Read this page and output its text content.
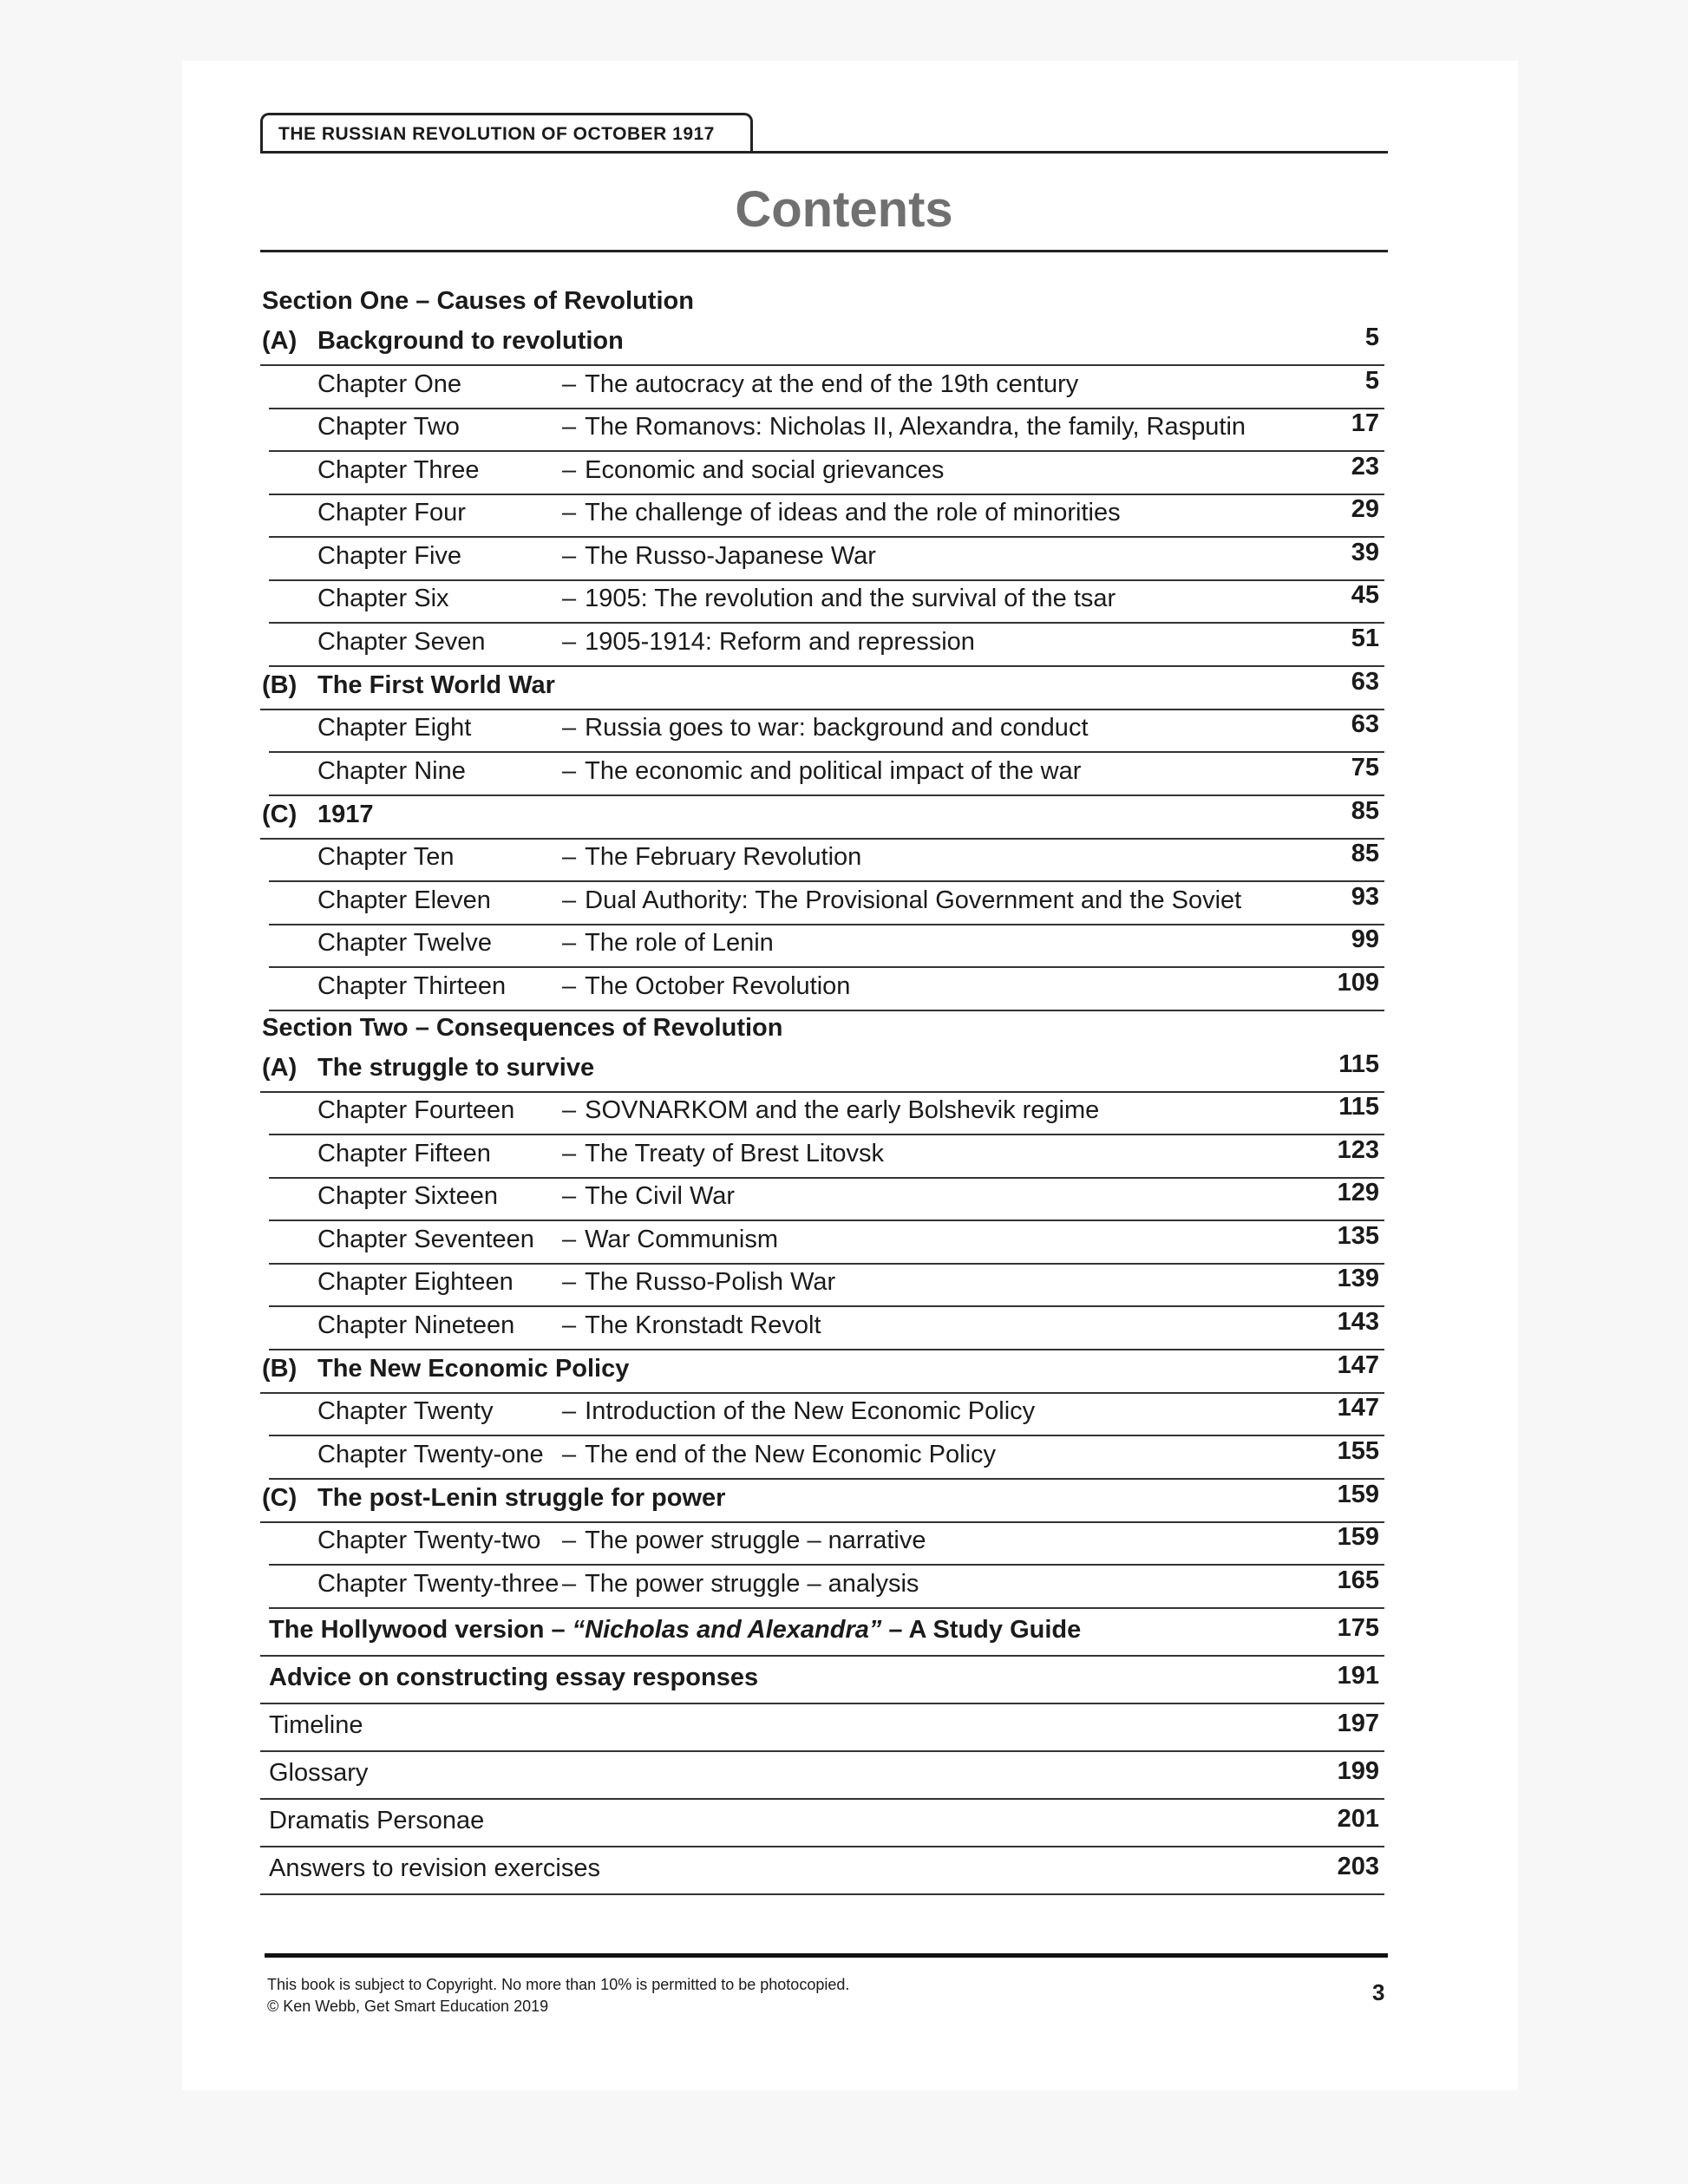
THE RUSSIAN REVOLUTION OF OCTOBER 1917
Contents
Section One – Causes of Revolution
(A) Background to revolution	5
Chapter One	– The autocracy at the end of the 19th century	5
Chapter Two	– The Romanovs: Nicholas II, Alexandra, the family, Rasputin	17
Chapter Three	– Economic and social grievances	23
Chapter Four	– The challenge of ideas and the role of minorities	29
Chapter Five	– The Russo-Japanese War	39
Chapter Six	– 1905: The revolution and the survival of the tsar	45
Chapter Seven	– 1905-1914: Reform and repression	51
(B) The First World War	63
Chapter Eight	– Russia goes to war: background and conduct	63
Chapter Nine	– The economic and political impact of the war	75
(C) 1917	85
Chapter Ten	– The February Revolution	85
Chapter Eleven	– Dual Authority: The Provisional Government and the Soviet	93
Chapter Twelve	– The role of Lenin	99
Chapter Thirteen – The October Revolution	109
Section Two – Consequences of Revolution
(A) The struggle to survive	115
Chapter Fourteen – SOVNARKOM and the early Bolshevik regime	115
Chapter Fifteen	– The Treaty of Brest Litovsk	123
Chapter Sixteen	– The Civil War	129
Chapter Seventeen – War Communism	135
Chapter Eighteen – The Russo-Polish War	139
Chapter Nineteen – The Kronstadt Revolt	143
(B) The New Economic Policy	147
Chapter Twenty	– Introduction of the New Economic Policy	147
Chapter Twenty-one – The end of the New Economic Policy	155
(C) The post-Lenin struggle for power	159
Chapter Twenty-two – The power struggle – narrative	159
Chapter Twenty-three – The power struggle – analysis	165
The Hollywood version – “Nicholas and Alexandra” – A Study Guide	175
Advice on constructing essay responses	191
Timeline	197
Glossary	199
Dramatis Personae	201
Answers to revision exercises	203
This book is subject to Copyright. No more than 10% is permitted to be photocopied.
© Ken Webb, Get Smart Education 2019
3
